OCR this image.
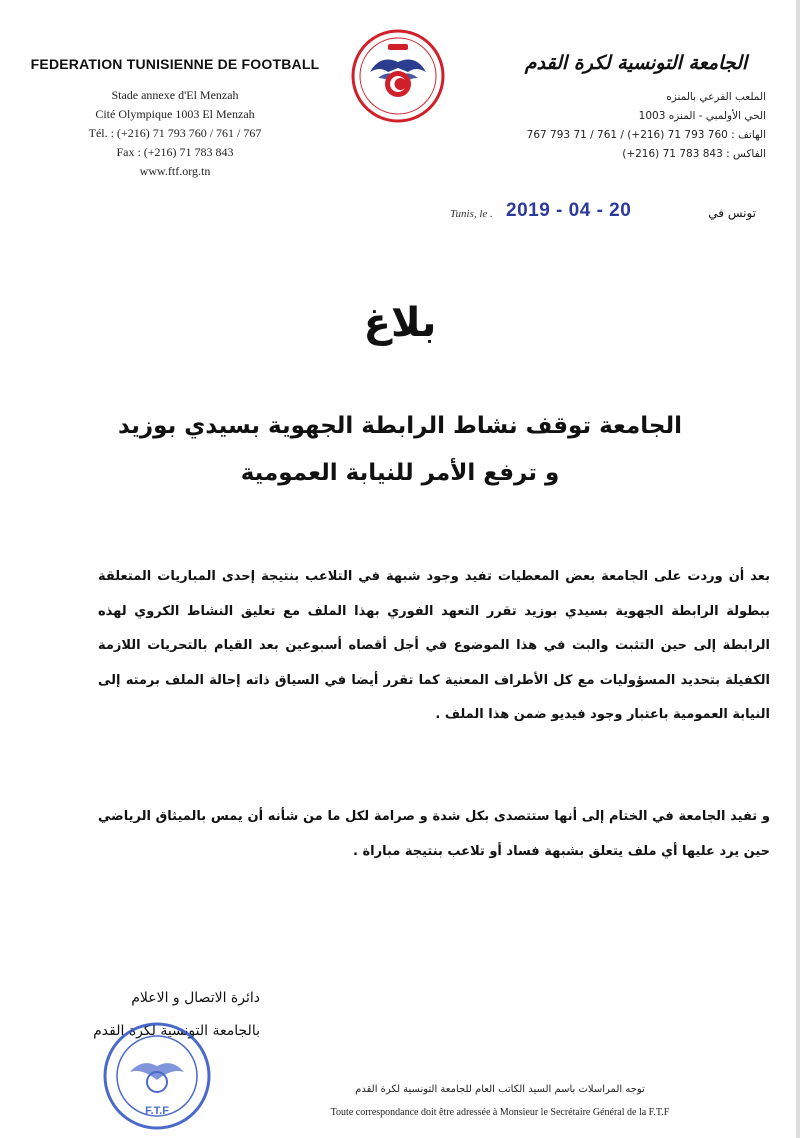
FEDERATION TUNISIENNE DE FOOTBALL
Stade annexe d'El Menzah
Cité Olympique 1003 El Menzah
Tél. : (+216) 71 793 760 / 761 / 767
Fax : (+216) 71 783 843
www.ftf.org.tn
الجامعة التونسية لكرة القدم
الملعب الفرعي بالمنزه
الحي الأولمبي - المنزه 1003
الهاتف : 760 793 71 (216+) / 761 / 71 793 767
الفاكس : 843 783 71 (216+)
Tunis, le . 2019 - 04 - 20	تونس في
بلاغ
الجامعة توقف نشاط الرابطة الجهوية بسيدي بوزيد
و ترفع الأمر للنيابة العمومية
بعد أن وردت على الجامعة بعض المعطيات تفيد وجود شبهة في التلاعب بنتيجة إحدى المباريات المتعلقة ببطولة الرابطة الجهوية بسيدي بوزيد تقرر التعهد الفوري بهذا الملف مع تعليق النشاط الكروي لهذه الرابطة إلى حين التثبت والبت في هذا الموضوع في أجل أقصاه أسبوعين بعد القيام بالتحريات اللازمة الكفيلة بتحديد المسؤوليات مع كل الأطراف المعنية كما تقرر أيضا في السياق ذاته إحالة الملف برمته إلى النيابة العمومية باعتبار وجود فيديو ضمن هذا الملف .
و تفيد الجامعة في الختام إلى أنها ستتصدى بكل شدة و صرامة لكل ما من شأنه أن يمس بالميثاق الرياضي حين يرد عليها أي ملف يتعلق بشبهة فساد أو تلاعب بنتيجة مباراة .
دائرة الاتصال و الاعلام
بالجامعة التونسية لكرة القدم
F.T.F
توجه المراسلات باسم السيد الكاتب العام للجامعة التونسية لكرة القدم
Toute correspondance doit être adressée à Monsieur le Secrétaire Général de la F.T.F
